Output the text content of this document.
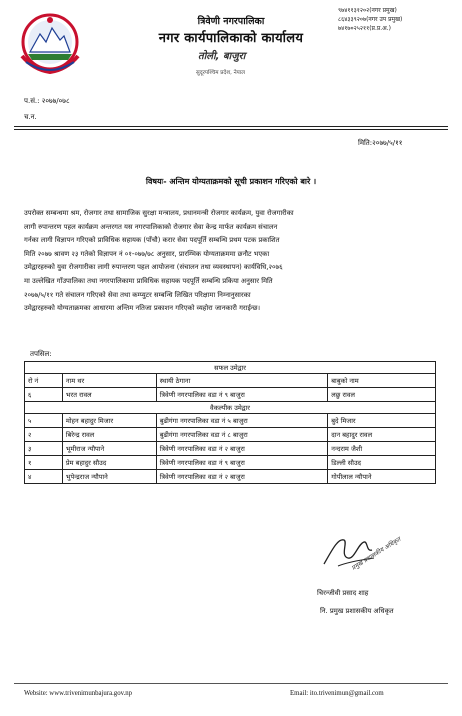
त्रिवेणी नगरपालिका
नगर कार्यपालिकाको कार्यालय
तोली, बाजुरा
सुदूरपश्चिम प्रदेश, नेपाल
९७४११३१२०२(नगर प्रमुख)
८६४३३९२०७(नगर उप प्रमुख)
७४१७०२५२११(प्र.प्र.अ.)
प.सं.: २०७७/०७८
च.न.
मिति:२०७७/५/११
विषयः- अन्तिम योग्यताक्रमको सूची प्रकाशन गरिएको बारे ।
उपरोक्त सम्बन्धमा श्रम, रोजगार तथा सामाजिक सुरक्षा मन्त्रालय, प्रधानमन्त्री रोजगार कार्यक्रम, युवा रोजगारीका
लागी रुपान्तरण पहल कार्यक्रम अन्तरगत यस नगरपालिकाको रोजगार सेवा केन्द्र मार्फत कार्यक्रम संचालन
गर्नका लागी विज्ञापन गरिएको प्राविधिक सहायक (पाँचौ) करार सेवा पदपूर्ति सम्बन्धि प्रथम पटक प्रकाशित
मिति २०७७ श्रावण २३ गतेको विज्ञापन नं ०१-०७७/७८ अनुसार, प्रारम्भिक योग्यताक्रममा छनौट भएका
उमेद्वारहरुको युवा रोजगारीका लागी रुपान्तरण पहल आयोजना (संचालन तथा व्यवस्थापन) कार्यविधि,२०७६
मा उल्लेखित गाँउपालिका तथा नगरपालिकामा प्राविधिक सहायक पदपूर्ति सम्बन्धि प्रकिया अनुसार मिति
२०७७/५/११ गते संचालन गरिएको सेवा तथा कम्प्युटर सम्बन्धि लिखित परिक्षामा निम्नानुसारका
उमेद्वारहरुको योग्यताक्रमका आधारमा अन्तिम नतिजा प्रकाशन गरिएको व्यहोरा जानकारी गराईन्छ।
तपसिल:
सफल उमेद्वार			
रो नं	नाम थर	स्थायी ठेगाना	बाबुको नाम
६	भरत रावल	त्रिवेणी नगरपालिका वडा नं ९ बाजुरा	लछु रावल
वैकल्पीक उमेद्वार			
५	मोहन बहादुर मिजार	बुढीगंगा नगरपालिका वडा नं ५ बाजुरा	बुदे मिजार
२	बिरेन्द्र रावल	बुढीगंगा नगरपालिका वडा नं ८ बाजुरा	दान बहादुर रावल
३	भूमीराज न्यौपाने	त्रिवेणी नगरपालिका वडा नं २ बाजुरा	नन्दराम जैशी
१	प्रेम बहादुर सौउद	त्रिवेणी नगरपालिका वडा नं ९ बाजुरा	डिल्ली सौउद
४	भुपेन्द्रराज न्यौपाने	त्रिवेणी नगरपालिका वडा नं २ बाजुरा	गोपीलाल न्यौपाने
प्रमुख प्रशासकीय अधिकृत
चिरन्जीवी प्रसाद शाह
नि. प्रमुख प्रशासकीय अधिकृत
Website: www.trivenimunbajura.gov.np	Email: ito.trivenimun@gmail.com
